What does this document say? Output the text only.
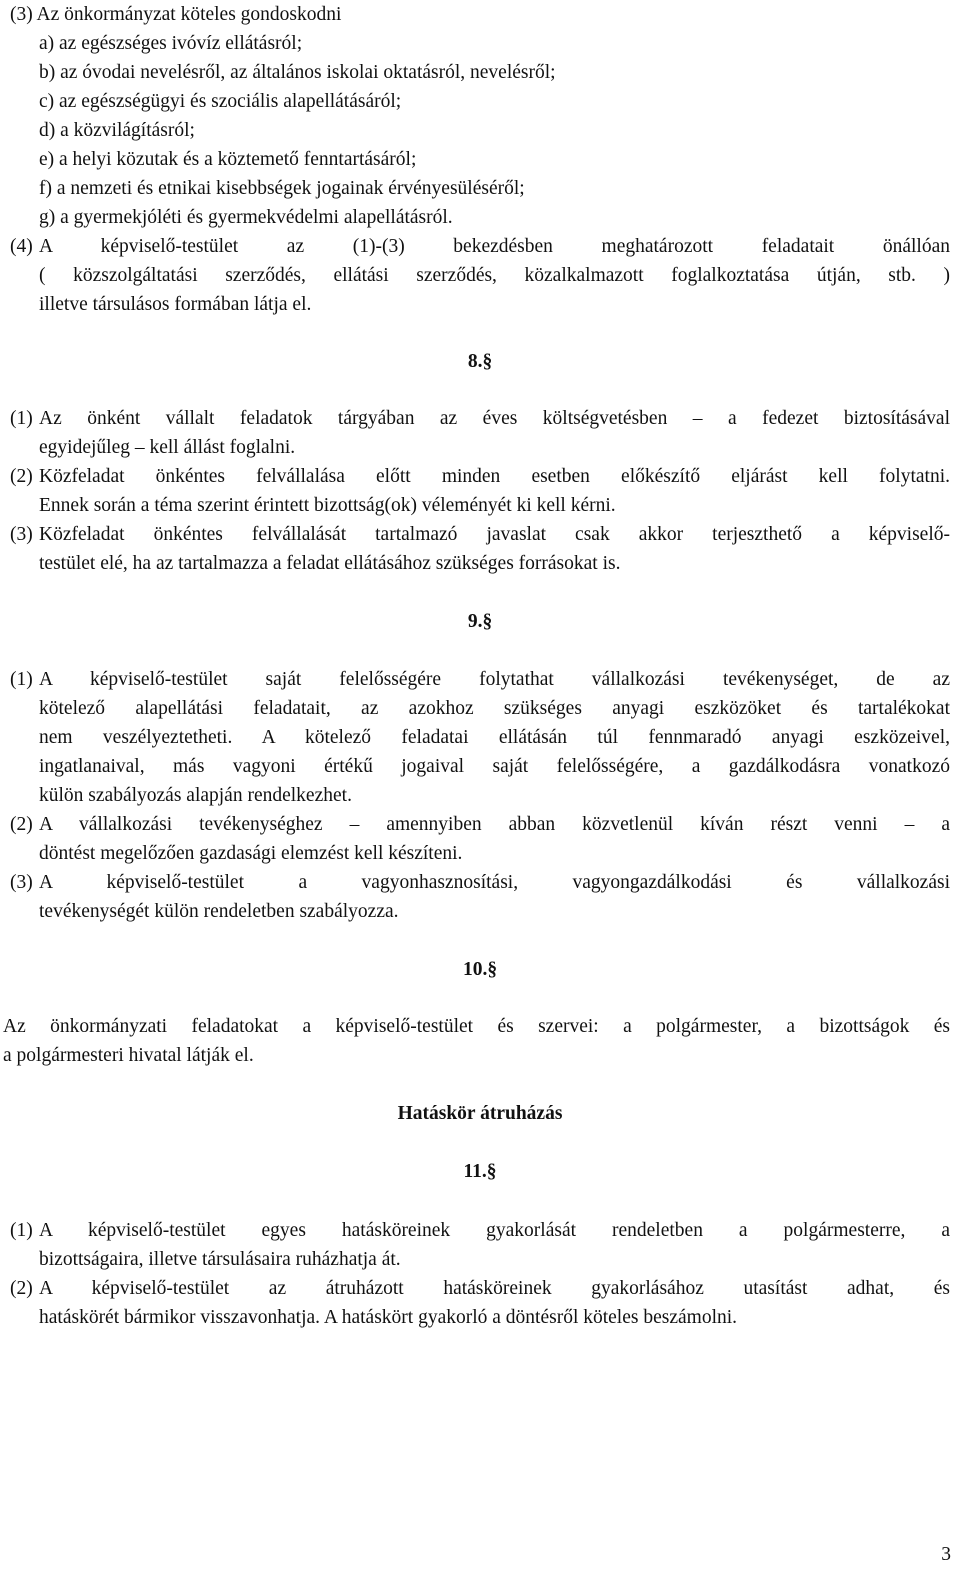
(3) Az önkormányzat köteles gondoskodni
a) az egészséges ivóvíz ellátásról;
b) az óvodai nevelésről, az általános iskolai oktatásról, nevelésről;
c) az egészségügyi és szociális alapellátásáról;
d) a közvilágításról;
e) a helyi közutak és a köztemető fenntartásáról;
f) a nemzeti és etnikai kisebbségek jogainak érvényesüléséről;
g) a gyermekjóléti és gyermekvédelmi alapellátásról.
(4) A képviselő-testület az (1)-(3) bekezdésben meghatározott feladatait önállóan
( közszolgáltatási szerződés, ellátási szerződés, közalkalmazott foglalkoztatása útján, stb. )
illetve társulásos formában látja el.
8.§
(1) Az önként vállalt feladatok tárgyában az éves költségvetésben – a fedezet biztosításával
egyidejűleg – kell állást foglalni.
(2) Közfeladat önkéntes felvállalása előtt minden esetben előkészítő eljárást kell folytatni.
Ennek során a téma szerint érintett bizottság(ok) véleményét ki kell kérni.
(3) Közfeladat önkéntes felvállalását tartalmazó javaslat csak akkor terjeszthető a képviselő-
testület elé, ha az tartalmazza a feladat ellátásához szükséges forrásokat is.
9.§
(1) A képviselő-testület saját felelősségére folytathat vállalkozási tevékenységet, de az
kötelező alapellátási feladatait, az azokhoz szükséges anyagi eszközöket és tartalékokat
nem veszélyeztetheti. A kötelező feladatai ellátásán túl fennmaradó anyagi eszközeivel,
ingatlanaival, más vagyoni értékű jogaival saját felelősségére, a gazdálkodásra vonatkozó
külön szabályozás alapján rendelkezhet.
(2) A vállalkozási tevékenységhez – amennyiben abban közvetlenül kíván részt venni – a
döntést megelőzően gazdasági elemzést kell készíteni.
(3) A képviselő-testület a vagyonhasznosítási, vagyongazdálkodási és vállalkozási
tevékenységét külön rendeletben szabályozza.
10.§
Az önkormányzati feladatokat a képviselő-testület és szervei: a polgármester, a bizottságok és
a polgármesteri hivatal látják el.
Hatáskör átruházás
11.§
(1) A képviselő-testület egyes hatásköreinek gyakorlását rendeletben a polgármesterre, a
bizottságaira, illetve társulásaira ruházhatja át.
(2) A képviselő-testület az átruházott hatásköreinek gyakorlásához utasítást adhat, és
hatáskörét bármikor visszavonhatja. A hatáskört gyakorló a döntésről köteles beszámolni.
3
